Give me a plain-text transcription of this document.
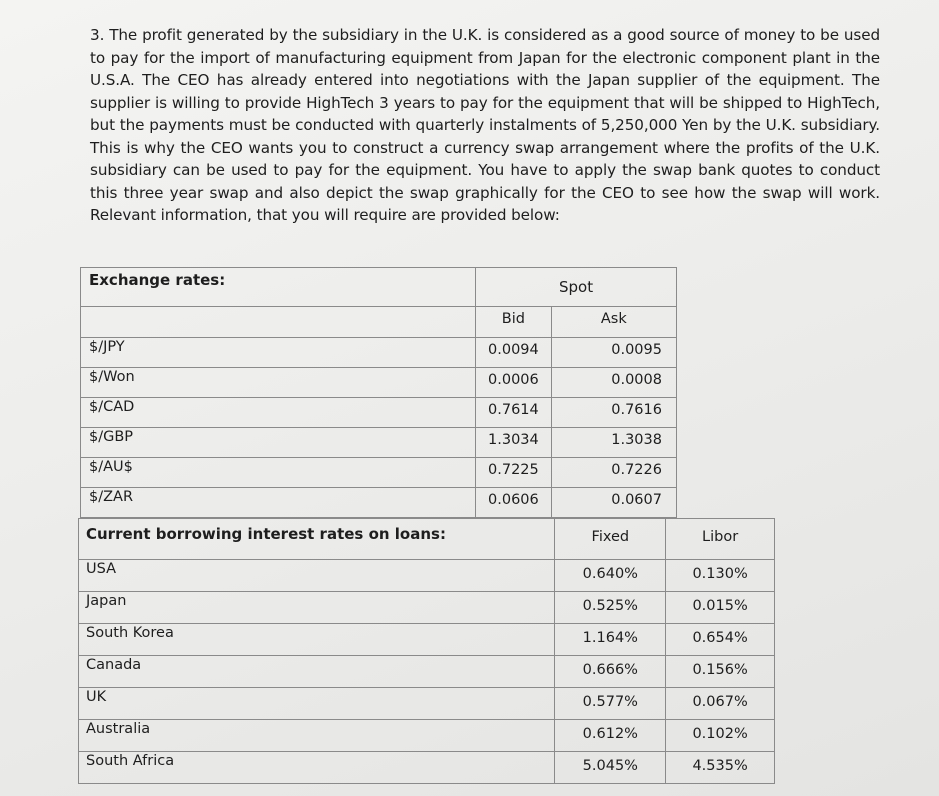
3. The profit generated by the subsidiary in the U.K. is considered as a good source of money to be used to pay for the import of manufacturing equipment from Japan for the electronic component plant in the U.S.A. The CEO has already entered into negotiations with the Japan supplier of the equipment. The supplier is willing to provide HighTech 3 years to pay for the equipment that will be shipped to HighTech, but the payments must be conducted with quarterly instalments of 5,250,000 Yen by the U.K. subsidiary. This is why the CEO wants you to construct a currency swap arrangement where the profits of the U.K. subsidiary can be used to pay for the equipment. You have to apply the swap bank quotes to conduct this three year swap and also depict the swap graphically for the CEO to see how the swap will work. Relevant information, that you will require are provided below:
Exchange rates:	Spot	
	Bid	Ask
$/JPY	0.0094	0.0095
$/Won	0.0006	0.0008
$/CAD	0.7614	0.7616
$/GBP	1.3034	1.3038
$/AU$	0.7225	0.7226
$/ZAR	0.0606	0.0607
Current borrowing interest rates on loans:	Fixed	Libor
USA	0.640%	0.130%
Japan	0.525%	0.015%
South Korea	1.164%	0.654%
Canada	0.666%	0.156%
UK	0.577%	0.067%
Australia	0.612%	0.102%
South Africa	5.045%	4.535%
